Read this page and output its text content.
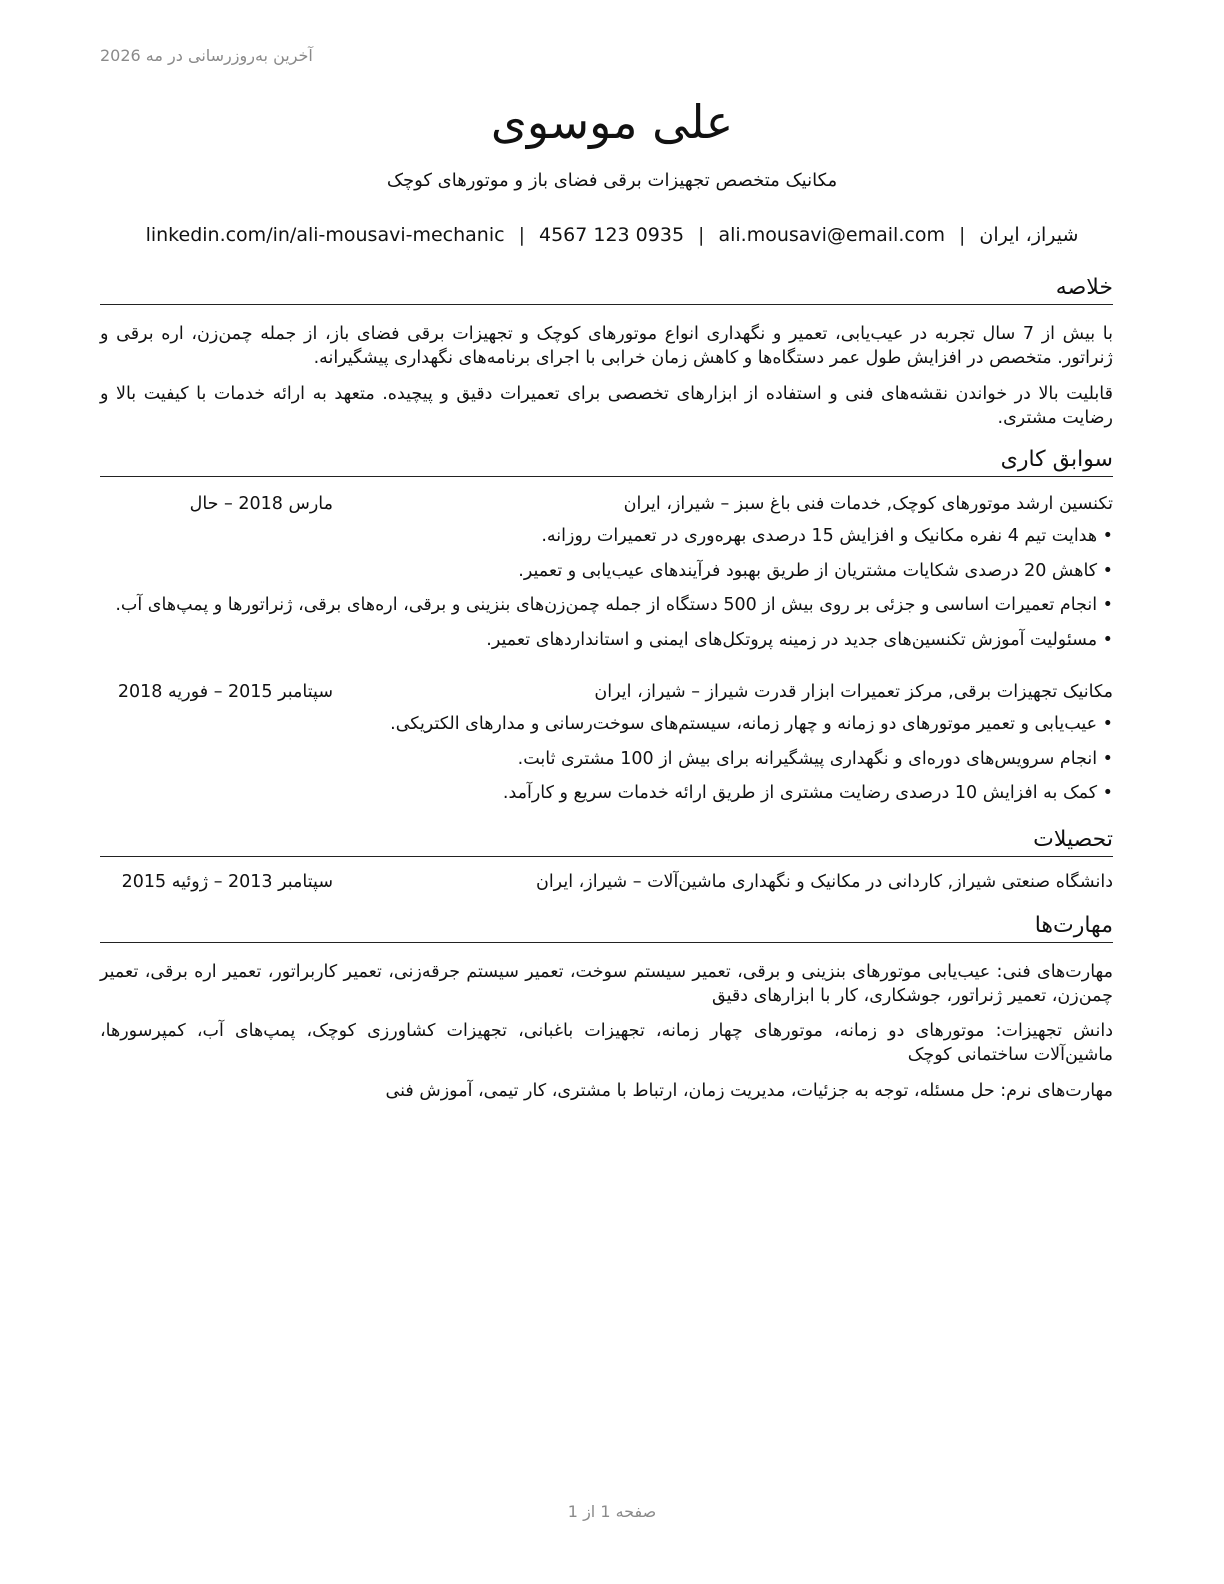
آخرین به‌روزرسانی در مه 2026
علی موسوی
مکانیک متخصص تجهیزات برقی فضای باز و موتورهای کوچک
linkedin.com/in/ali-mousavi-mechanic | 4567 123 0935 | ali.mousavi@email.com | شیراز، ایران
خلاصه
با بیش از 7 سال تجربه در عیب‌یابی، تعمیر و نگهداری انواع موتورهای کوچک و تجهیزات برقی فضای باز، از جمله چمن‌زن، اره برقی و ژنراتور. متخصص در افزایش طول عمر دستگاه‌ها و کاهش زمان خرابی با اجرای برنامه‌های نگهداری پیشگیرانه.
قابلیت بالا در خواندن نقشه‌های فنی و استفاده از ابزارهای تخصصی برای تعمیرات دقیق و پیچیده. متعهد به ارائه خدمات با کیفیت بالا و رضایت مشتری.
سوابق کاری
تکنسین ارشد موتورهای کوچک, خدمات فنی باغ سبز – شیراز، ایران
مارس 2018 – حال
• هدایت تیم 4 نفره مکانیک و افزایش 15 درصدی بهره‌وری در تعمیرات روزانه.
• کاهش 20 درصدی شکایات مشتریان از طریق بهبود فرآیندهای عیب‌یابی و تعمیر.
• انجام تعمیرات اساسی و جزئی بر روی بیش از 500 دستگاه از جمله چمن‌زن‌های بنزینی و برقی، اره‌های برقی، ژنراتورها و پمپ‌های آب.
• مسئولیت آموزش تکنسین‌های جدید در زمینه پروتکل‌های ایمنی و استانداردهای تعمیر.
مکانیک تجهیزات برقی, مرکز تعمیرات ابزار قدرت شیراز – شیراز، ایران
سپتامبر 2015 – فوریه 2018
• عیب‌یابی و تعمیر موتورهای دو زمانه و چهار زمانه، سیستم‌های سوخت‌رسانی و مدارهای الکتریکی.
• انجام سرویس‌های دوره‌ای و نگهداری پیشگیرانه برای بیش از 100 مشتری ثابت.
• کمک به افزایش 10 درصدی رضایت مشتری از طریق ارائه خدمات سریع و کارآمد.
تحصیلات
دانشگاه صنعتی شیراز, کاردانی در مکانیک و نگهداری ماشین‌آلات – شیراز، ایران
سپتامبر 2013 – ژوئیه 2015
مهارت‌ها
مهارت‌های فنی: عیب‌یابی موتورهای بنزینی و برقی، تعمیر سیستم سوخت، تعمیر سیستم جرقه‌زنی، تعمیر کاربراتور، تعمیر اره برقی، تعمیر چمن‌زن، تعمیر ژنراتور، جوشکاری، کار با ابزارهای دقیق
دانش تجهیزات: موتورهای دو زمانه، موتورهای چهار زمانه، تجهیزات باغبانی، تجهیزات کشاورزی کوچک، پمپ‌های آب، کمپرسورها، ماشین‌آلات ساختمانی کوچک
مهارت‌های نرم: حل مسئله، توجه به جزئیات، مدیریت زمان، ارتباط با مشتری، کار تیمی، آموزش فنی
صفحه 1 از 1
